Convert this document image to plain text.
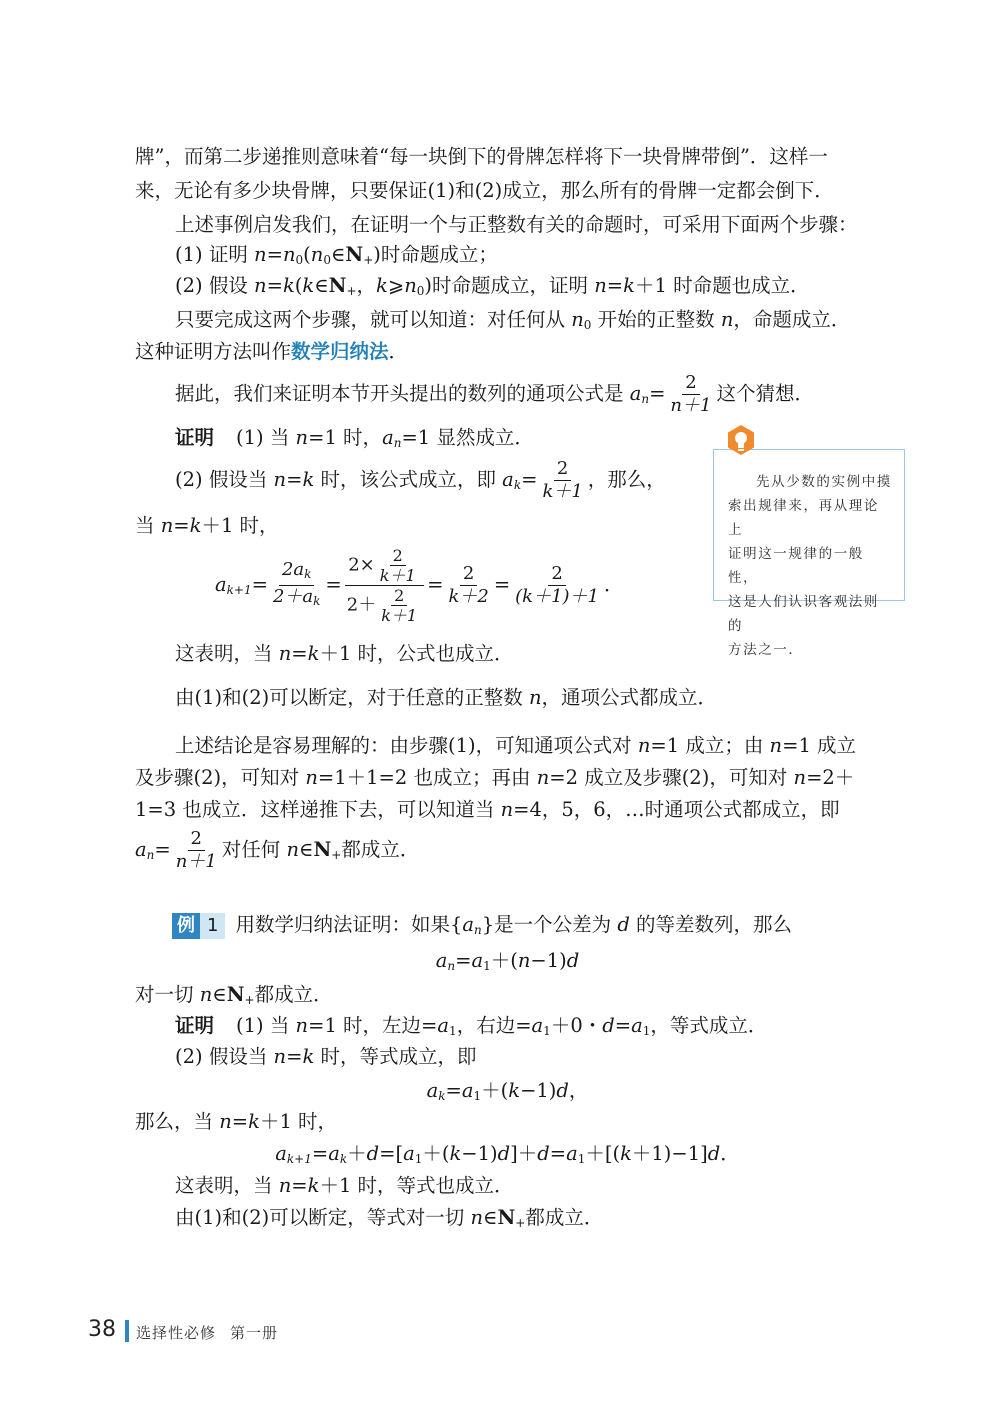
牌”，而第二步递推则意味着“每一块倒下的骨牌怎样将下一块骨牌带倒”．这样一
来，无论有多少块骨牌，只要保证(1)和(2)成立，那么所有的骨牌一定都会倒下．
上述事例启发我们，在证明一个与正整数有关的命题时，可采用下面两个步骤：
(1) 证明 $n=n_0(n_0\in N_+)$时命题成立；
(2) 假设 $n=k(k\in N_+$，$k⩾n_0$)时命题成立，证明 n=k＋1 时命题也成立．
只要完成这两个步骤，就可以知道：对任何从 $n_0$ 开始的正整数 n，命题成立．
这种证明方法叫作数学归纳法．
据此，我们来证明本节开头提出的数列的通项公式是 $a_n= \frac{2}{n+1}$ 这个猜想．
证明 (1) 当 n=1 时，$a_n=1$ 显然成立．
(2) 假设当 n=k 时，该公式成立，即 $a_k= \frac{2}{k+1}$ ，那么，
当 n=k＋1 时，
$a_{k+1}= \frac{2a_k}{2+a_k} = \frac{2\times \frac{2}{k+1}}{2+ \frac{2}{k+1}} = \frac{2}{k+2} = \frac{2}{(k+1)+1}$ ．
这表明，当 n=k＋1 时，公式也成立．
由(1)和(2)可以断定，对于任意的正整数 n，通项公式都成立．

先从少数的实例中摸
索出规律来，再从理论上
证明这一规律的一般性，
这是人们认识客观法则的
方法之一．

上述结论是容易理解的：由步骤(1)，可知通项公式对 n=1 成立；由 n=1 成立
及步骤(2)，可知对 n=1＋1=2 也成立；再由 n=2 成立及步骤(2)，可知对 n=2＋
1=3 也成立．这样递推下去，可以知道当 n=4，5，6，…时通项公式都成立，即
$a_n= \frac{2}{n+1}$ 对任何 $n\in N_+$都成立．
例 1 用数学归纳法证明：如果$\{a_n\}$是一个公差为 d 的等差数列，那么
$a_n=a_1+(n-1)d$
对一切 $n\in N_+$都成立．
证明 (1) 当 n=1 时，左边$=a_1$，右边$=a_1+0$・$d=a_1$，等式成立．
(2) 假设当 n=k 时，等式成立，即
$a_k=a_1+(k-1)d$，
那么，当 n=k＋1 时，
$a_{k+1}=a_k+d=[a_1+(k-1)d]+d=a_1+[(k+1)-1]d$．
这表明，当 n=k＋1 时，等式也成立．
由(1)和(2)可以断定，等式对一切 $n\in N_+$都成立．
38 选择性必修 第一册
